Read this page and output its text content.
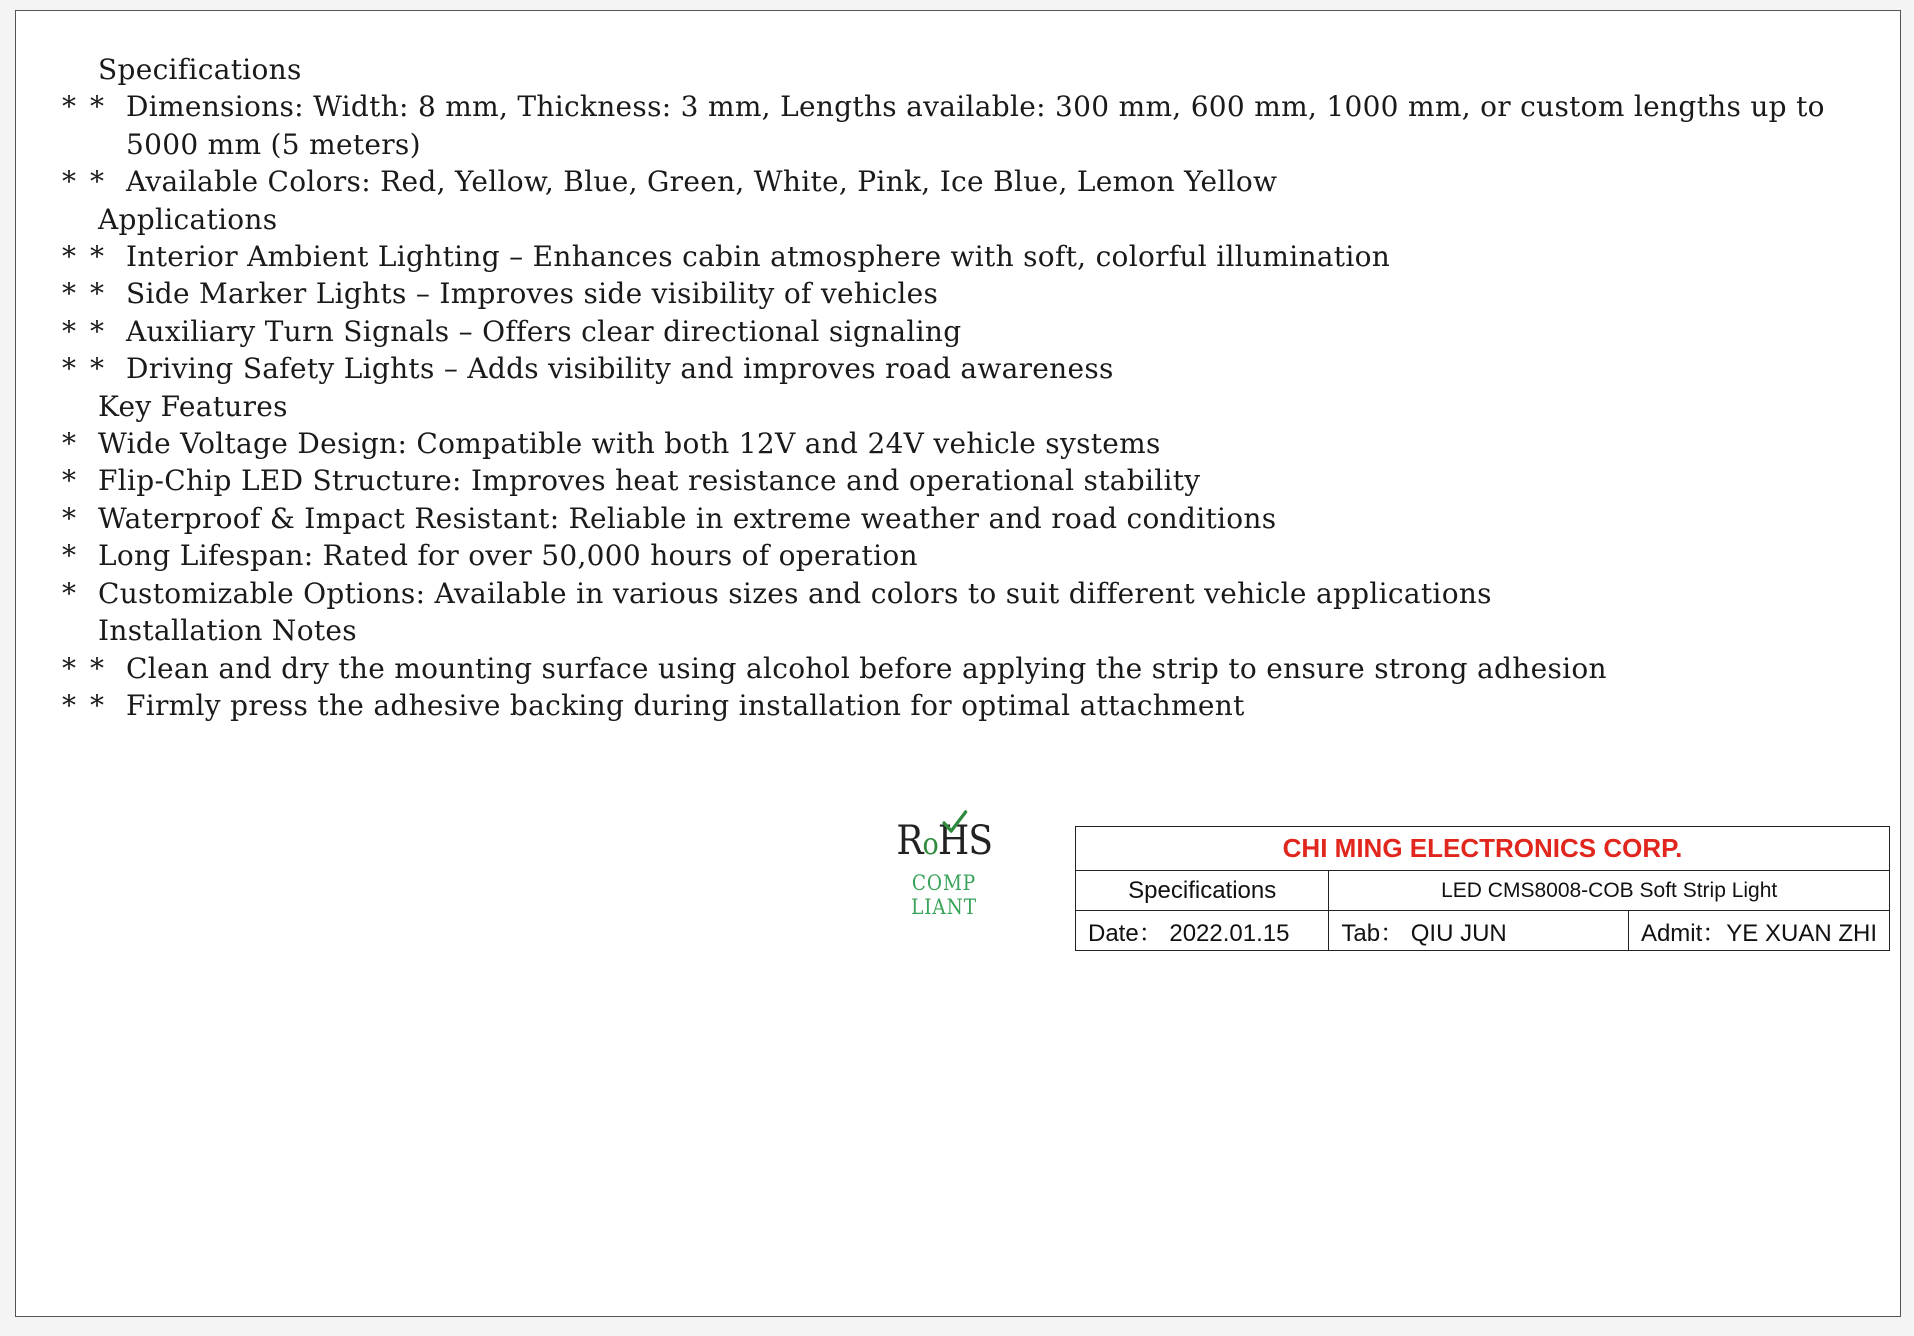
Specifications
* * Dimensions: Width: 8 mm, Thickness: 3 mm, Lengths available: 300 mm, 600 mm, 1000 mm, or custom lengths up to 5000 mm (5 meters)
* * Available Colors: Red, Yellow, Blue, Green, White, Pink, Ice Blue, Lemon Yellow
Applications
* * Interior Ambient Lighting – Enhances cabin atmosphere with soft, colorful illumination
* * Side Marker Lights – Improves side visibility of vehicles
* * Auxiliary Turn Signals – Offers clear directional signaling
* * Driving Safety Lights – Adds visibility and improves road awareness
Key Features
* Wide Voltage Design: Compatible with both 12V and 24V vehicle systems
* Flip-Chip LED Structure: Improves heat resistance and operational stability
* Waterproof & Impact Resistant: Reliable in extreme weather and road conditions
* Long Lifespan: Rated for over 50,000 hours of operation
* Customizable Options: Available in various sizes and colors to suit different vehicle applications
Installation Notes
* * Clean and dry the mounting surface using alcohol before applying the strip to ensure strong adhesion
* * Firmly press the adhesive backing during installation for optimal attachment
RoHS
COMP LIANT
CHI MING ELECTRONICS CORP.		
Specifications	LED CMS8008-COB Soft Strip Light	
Date： 2022.01.15	Tab： QIU JUN	Admit：YE XUAN ZHI
